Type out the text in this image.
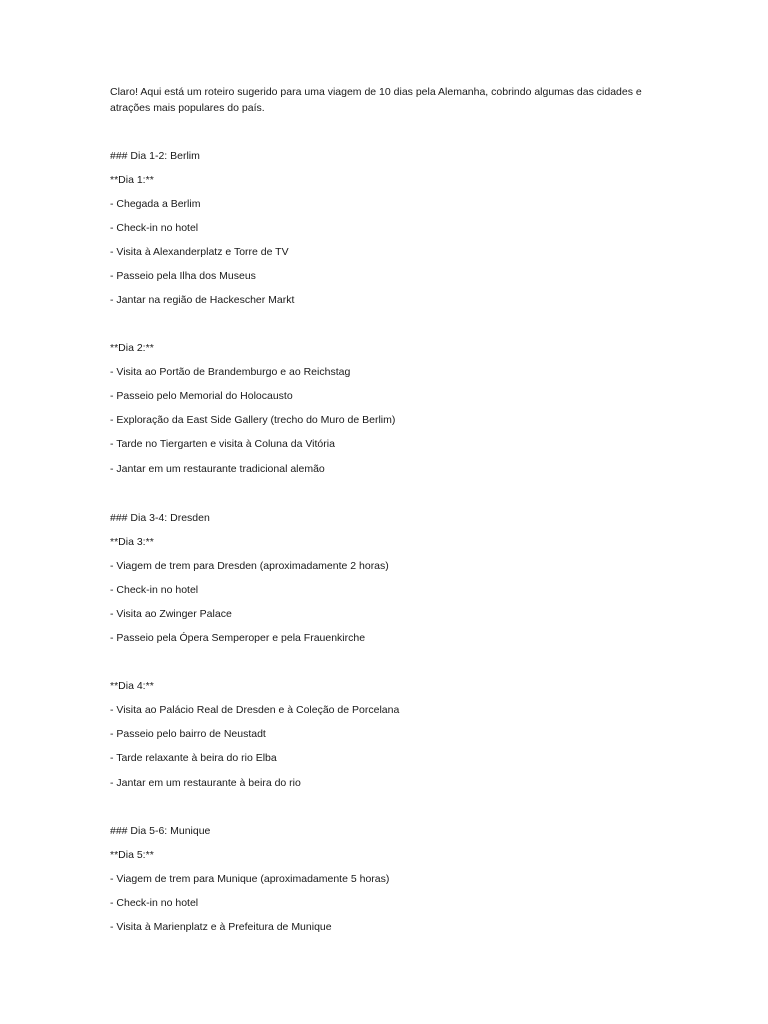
Claro! Aqui está um roteiro sugerido para uma viagem de 10 dias pela Alemanha, cobrindo algumas das cidades e atrações mais populares do país.

### Dia 1-2: Berlim

**Dia 1:**

- Chegada a Berlim

- Check-in no hotel

- Visita à Alexanderplatz e Torre de TV

- Passeio pela Ilha dos Museus

- Jantar na região de Hackescher Markt

**Dia 2:**

- Visita ao Portão de Brandemburgo e ao Reichstag

- Passeio pelo Memorial do Holocausto

- Exploração da East Side Gallery (trecho do Muro de Berlim)

- Tarde no Tiergarten e visita à Coluna da Vitória

- Jantar em um restaurante tradicional alemão

### Dia 3-4: Dresden

**Dia 3:**

- Viagem de trem para Dresden (aproximadamente 2 horas)

- Check-in no hotel

- Visita ao Zwinger Palace

- Passeio pela Ópera Semperoper e pela Frauenkirche

**Dia 4:**

- Visita ao Palácio Real de Dresden e à Coleção de Porcelana

- Passeio pelo bairro de Neustadt

- Tarde relaxante à beira do rio Elba

- Jantar em um restaurante à beira do rio

### Dia 5-6: Munique

**Dia 5:**

- Viagem de trem para Munique (aproximadamente 5 horas)

- Check-in no hotel

- Visita à Marienplatz e à Prefeitura de Munique
